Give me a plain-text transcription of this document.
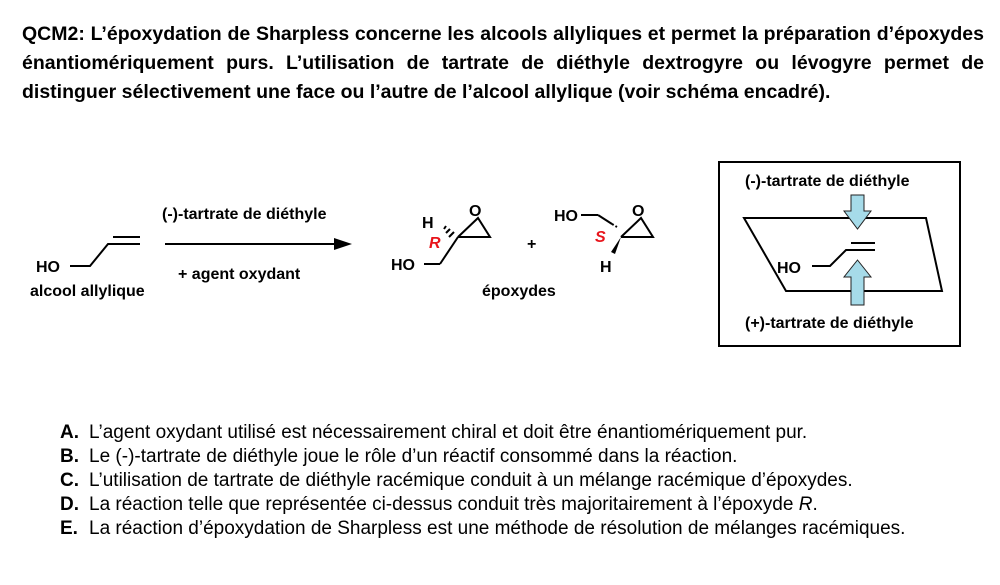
QCM2: L’époxydation de Sharpless concerne les alcools allyliques et permet la préparation d’époxydes énantiomériquement purs. L’utilisation de tartrate de diéthyle dextrogyre ou lévogyre permet de distinguer sélectivement une face ou l’autre de l’alcool allylique (voir schéma encadré).
HO
alcool allylique
(-)-tartrate de diéthyle
+ agent oxydant
H
R
O
HO
+
HO	O
S
H
époxydes
(-)-tartrate de diéthyle
HO
(+)-tartrate de diéthyle
A. L’agent oxydant utilisé est nécessairement chiral et doit être énantiomériquement pur.
B. Le (-)-tartrate de diéthyle joue le rôle d’un réactif consommé dans la réaction.
C. L’utilisation de tartrate de diéthyle racémique conduit à un mélange racémique d’époxydes.
D. La réaction telle que représentée ci-dessus conduit très majoritairement à l’époxyde R.
E. La réaction d’époxydation de Sharpless est une méthode de résolution de mélanges racémiques.
